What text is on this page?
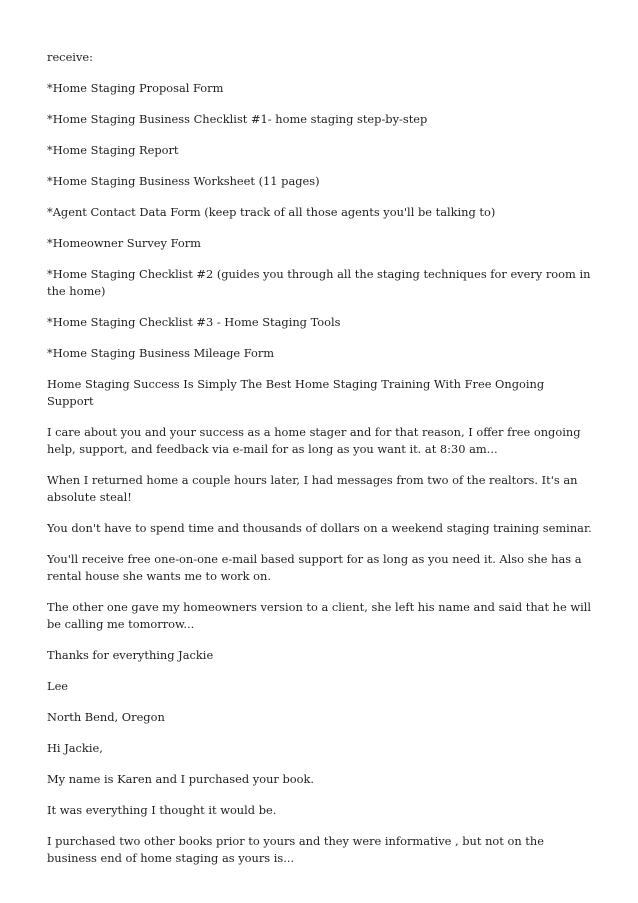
receive:

*Home Staging Proposal Form

*Home Staging Business Checklist #1- home staging step-by-step

*Home Staging Report

*Home Staging Business Worksheet (11 pages)

*Agent Contact Data Form (keep track of all those agents you'll be talking to)

*Homeowner Survey Form

*Home Staging Checklist #2 (guides you through all the staging techniques for every room in the home)

*Home Staging Checklist #3 - Home Staging Tools

*Home Staging Business Mileage Form

Home Staging Success Is Simply The Best Home Staging Training With Free Ongoing Support

I care about you and your success as a home stager and for that reason, I offer free ongoing help, support, and feedback via e-mail for as long as you want it. at 8:30 am...

When I returned home a couple hours later, I had messages from two of the realtors. It's an absolute steal!

You don't have to spend time and thousands of dollars on a weekend staging training seminar.

You'll receive free one-on-one e-mail based support for as long as you need it. Also she has a rental house she wants me to work on.

The other one gave my homeowners version to a client, she left his name and said that he will be calling me tomorrow...

Thanks for everything Jackie

Lee

North Bend, Oregon

Hi Jackie,

My name is Karen and I purchased your book.

It was everything I thought it would be.

I purchased two other books prior to yours and they were informative , but not on the business end of home staging as yours is...
